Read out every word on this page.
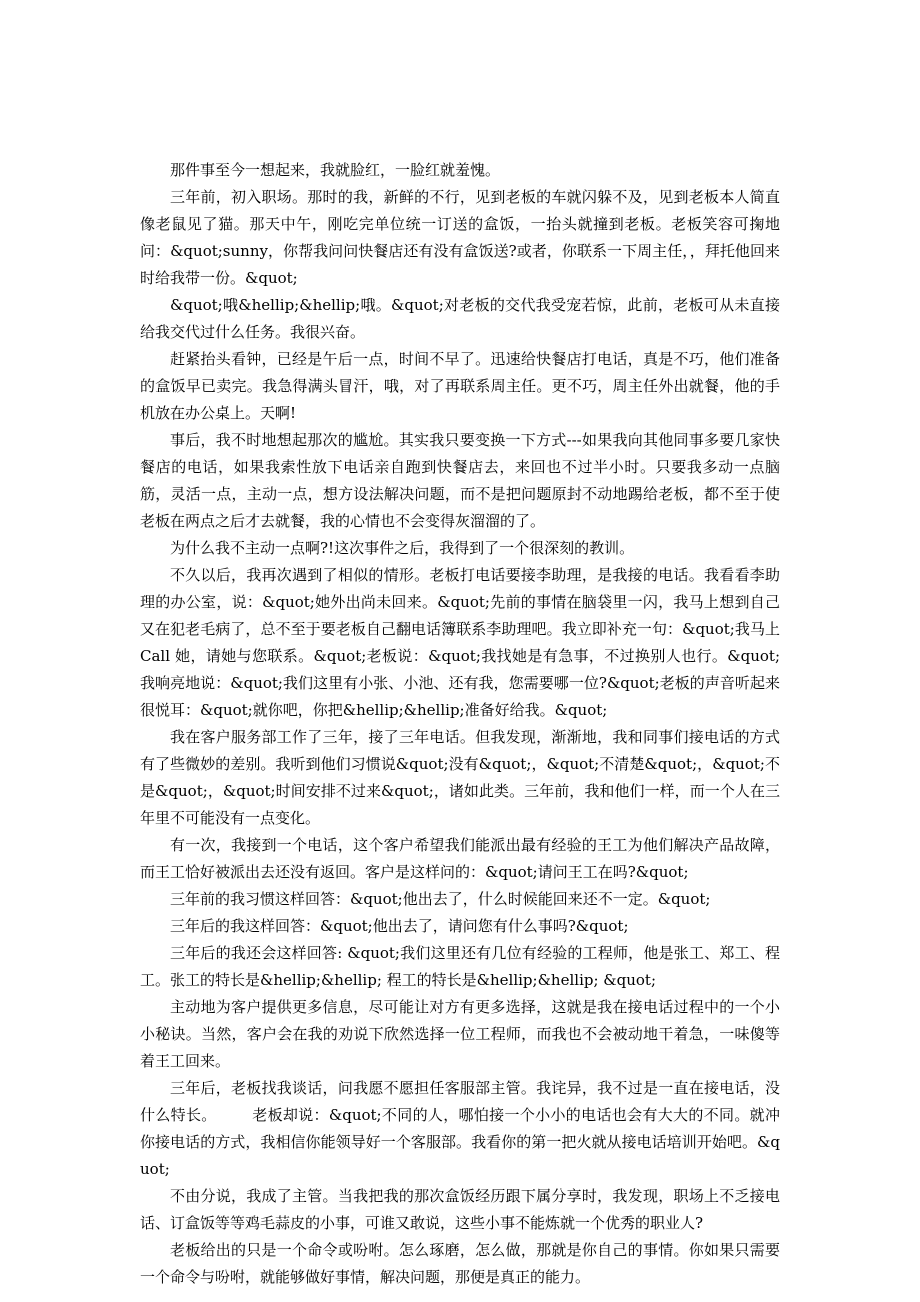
那件事至今一想起来，我就脸红，一脸红就羞愧。

三年前，初入职场。那时的我，新鲜的不行，见到老板的车就闪躲不及，见到老板本人简直像老鼠见了猫。那天中午，刚吃完单位统一订送的盒饭，一抬头就撞到老板。老板笑容可掬地问：&quot;sunny，你帮我问问快餐店还有没有盒饭送?或者，你联系一下周主任，，拜托他回来时给我带一份。&quot;

&quot;哦&hellip;&hellip;哦。&quot;对老板的交代我受宠若惊，此前，老板可从未直接给我交代过什么任务。我很兴奋。

赶紧抬头看钟，已经是午后一点，时间不早了。迅速给快餐店打电话，真是不巧，他们准备的盒饭早已卖完。我急得满头冒汗，哦，对了再联系周主任。更不巧，周主任外出就餐，他的手机放在办公桌上。天啊!

事后，我不时地想起那次的尴尬。其实我只要变换一下方式---如果我向其他同事多要几家快餐店的电话，如果我索性放下电话亲自跑到快餐店去，来回也不过半小时。只要我多动一点脑筋，灵活一点，主动一点，想方设法解决问题，而不是把问题原封不动地踢给老板，都不至于使老板在两点之后才去就餐，我的心情也不会变得灰溜溜的了。

为什么我不主动一点啊?!这次事件之后，我得到了一个很深刻的教训。

不久以后，我再次遇到了相似的情形。老板打电话要接李助理，是我接的电话。我看看李助理的办公室，说：&quot;她外出尚未回来。&quot;先前的事情在脑袋里一闪，我马上想到自己又在犯老毛病了，总不至于要老板自己翻电话簿联系李助理吧。我立即补充一句：&quot;我马上 Call 她，请她与您联系。&quot;老板说：&quot;我找她是有急事，不过换别人也行。&quot;我响亮地说：&quot;我们这里有小张、小池、还有我，您需要哪一位?&quot;老板的声音听起来很悦耳：&quot;就你吧，你把&hellip;&hellip;准备好给我。&quot;

我在客户服务部工作了三年，接了三年电话。但我发现，渐渐地，我和同事们接电话的方式有了些微妙的差别。我听到他们习惯说&quot;没有&quot;，&quot;不清楚&quot;，&quot;不是&quot;，&quot;时间安排不过来&quot;，诸如此类。三年前，我和他们一样，而一个人在三年里不可能没有一点变化。

有一次，我接到一个电话，这个客户希望我们能派出最有经验的王工为他们解决产品故障，而王工恰好被派出去还没有返回。客户是这样问的：&quot;请问王工在吗?&quot;

三年前的我习惯这样回答：&quot;他出去了，什么时候能回来还不一定。&quot;

三年后的我这样回答：&quot;他出去了，请问您有什么事吗?&quot;

三年后的我还会这样回答: &quot;我们这里还有几位有经验的工程师，他是张工、郑工、程工。张工的特长是&hellip;&hellip; 程工的特长是&hellip;&hellip; &quot;

主动地为客户提供更多信息，尽可能让对方有更多选择，这就是我在接电话过程中的一个小小秘诀。当然，客户会在我的劝说下欣然选择一位工程师，而我也不会被动地干着急，一味傻等着王工回来。

三年后，老板找我谈话，问我愿不愿担任客服部主管。我诧异，我不过是一直在接电话，没什么特长。       老板却说：&quot;不同的人，哪怕接一个小小的电话也会有大大的不同。就冲你接电话的方式，我相信你能领导好一个客服部。我看你的第一把火就从接电话培训开始吧。&quot;

不由分说，我成了主管。当我把我的那次盒饭经历跟下属分享时，我发现，职场上不乏接电话、订盒饭等等鸡毛蒜皮的小事，可谁又敢说，这些小事不能炼就一个优秀的职业人?

老板给出的只是一个命令或吩咐。怎么琢磨，怎么做，那就是你自己的事情。你如果只需要一个命令与吩咐，就能够做好事情，解决问题，那便是真正的能力。
